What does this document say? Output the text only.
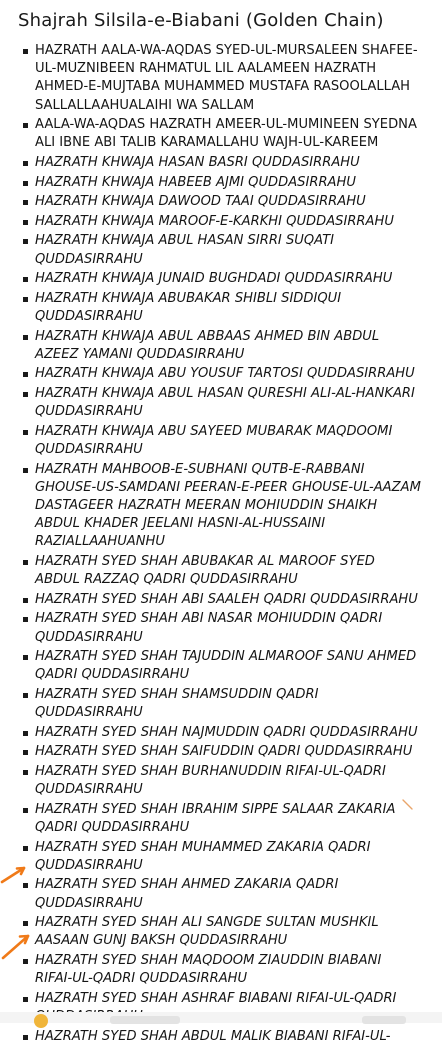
Shajrah Silsila-e-Biabani (Golden Chain)
HAZRATH AALA-WA-AQDAS SYED-UL-MURSALEEN SHAFEE-UL-MUZNIBEEN RAHMATUL LIL AALAMEEN HAZRATH AHMED-E-MUJTABA MUHAMMED MUSTAFA RASOOLALLAH SALLALLAAHUALAIHI WA SALLAM
AALA-WA-AQDAS HAZRATH AMEER-UL-MUMINEEN SYEDNA ALI IBNE ABI TALIB KARAMALLAHU WAJH-UL-KAREEM
HAZRATH KHWAJA HASAN BASRI QUDDASIRRAHU
HAZRATH KHWAJA HABEEB AJMI QUDDASIRRAHU
HAZRATH KHWAJA DAWOOD TAAI QUDDASIRRAHU
HAZRATH KHWAJA MAROOF-E-KARKHI QUDDASIRRAHU
HAZRATH KHWAJA ABUL HASAN SIRRI SUQATI QUDDASIRRAHU
HAZRATH KHWAJA JUNAID BUGHDADI QUDDASIRRAHU
HAZRATH KHWAJA ABUBAKAR SHIBLI SIDDIQUI QUDDASIRRAHU
HAZRATH KHWAJA ABUL ABBAAS AHMED BIN ABDUL AZEEZ YAMANI QUDDASIRRAHU
HAZRATH KHWAJA ABU YOUSUF TARTOSI QUDDASIRRAHU
HAZRATH KHWAJA ABUL HASAN QURESHI ALI-AL-HANKARI QUDDASIRRAHU
HAZRATH KHWAJA ABU SAYEED MUBARAK MAQDOOMI QUDDASIRRAHU
HAZRATH MAHBOOB-E-SUBHANI QUTB-E-RABBANI GHOUSE-US-SAMDANI PEERAN-E-PEER GHOUSE-UL-AAZAM DASTAGEER HAZRATH MEERAN MOHIUDDIN SHAIKH ABDUL KHADER JEELANI HASNI-AL-HUSSAINI RAZIALLAAHUANHU
HAZRATH SYED SHAH ABUBAKAR AL MAROOF SYED ABDUL RAZZAQ QADRI QUDDASIRRAHU
HAZRATH SYED SHAH ABI SAALEH QADRI QUDDASIRRAHU
HAZRATH SYED SHAH ABI NASAR MOHIUDDIN QADRI QUDDASIRRAHU
HAZRATH SYED SHAH TAJUDDIN ALMAROOF SANU AHMED QADRI QUDDASIRRAHU
HAZRATH SYED SHAH SHAMSUDDIN QADRI QUDDASIRRAHU
HAZRATH SYED SHAH NAJMUDDIN QADRI QUDDASIRRAHU
HAZRATH SYED SHAH SAIFUDDIN QADRI QUDDASIRRAHU
HAZRATH SYED SHAH BURHANUDDIN RIFAI-UL-QADRI QUDDASIRRAHU
HAZRATH SYED SHAH IBRAHIM SIPPE SALAAR ZAKARIA QADRI QUDDASIRRAHU
HAZRATH SYED SHAH MUHAMMED ZAKARIA QADRI QUDDASIRRAHU
HAZRATH SYED SHAH AHMED ZAKARIA QADRI QUDDASIRRAHU
HAZRATH SYED SHAH ALI SANGDE SULTAN MUSHKIL AASAAN GUNJ BAKSH QUDDASIRRAHU
HAZRATH SYED SHAH MAQDOOM ZIAUDDIN BIABANI RIFAI-UL-QADRI QUDDASIRRAHU
HAZRATH SYED SHAH ASHRAF BIABANI RIFAI-UL-QADRI
HAZRATH SYED SHAH ABDUL MALIK BIABANI RIFAI-UL-
